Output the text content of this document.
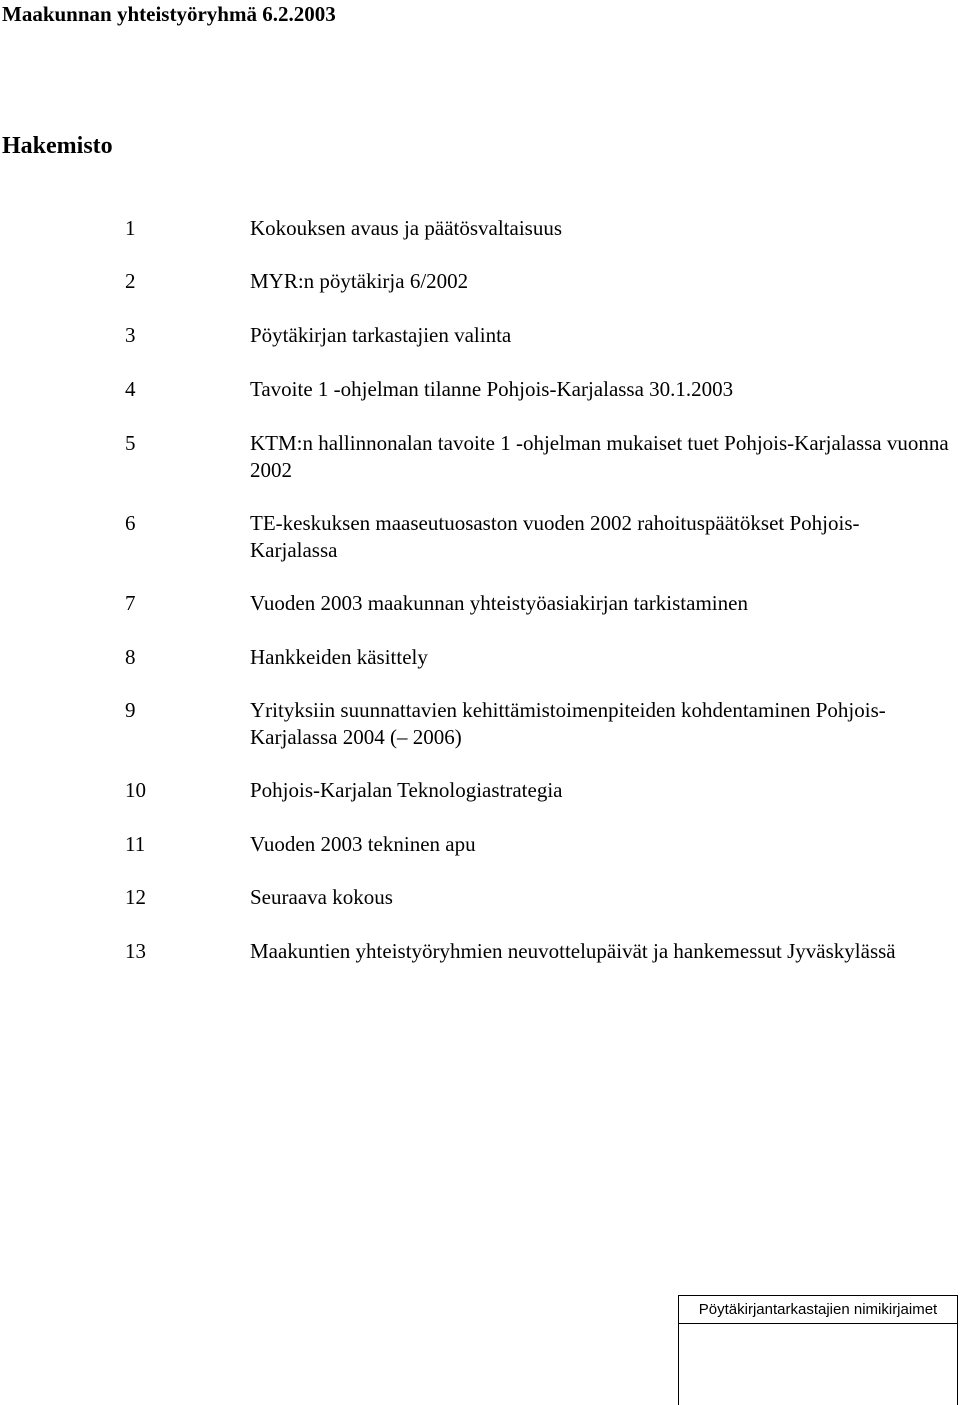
Maakunnan yhteistyöryhmä 6.2.2003
Hakemisto
1	Kokouksen avaus ja päätösvaltaisuus
2	MYR:n pöytäkirja 6/2002
3	Pöytäkirjan tarkastajien valinta
4	Tavoite 1 -ohjelman tilanne Pohjois-Karjalassa 30.1.2003
5	KTM:n hallinnonalan tavoite 1 -ohjelman mukaiset tuet Pohjois-Karjalassa vuonna 2002
6	TE-keskuksen maaseutuosaston vuoden 2002 rahoituspäätökset Pohjois-Karjalassa
7	Vuoden 2003 maakunnan yhteistyöasiakirjan tarkistaminen
8	Hankkeiden käsittely
9	Yrityksiin suunnattavien kehittämistoimenpiteiden kohdentaminen Pohjois-Karjalassa 2004 (– 2006)
10	Pohjois-Karjalan Teknologiastrategia
11	Vuoden 2003 tekninen apu
12	Seuraava kokous
13	Maakuntien yhteistyöryhmien neuvottelupäivät ja hankemessut Jyväskylässä
Pöytäkirjantarkastajien nimikirjaimet
